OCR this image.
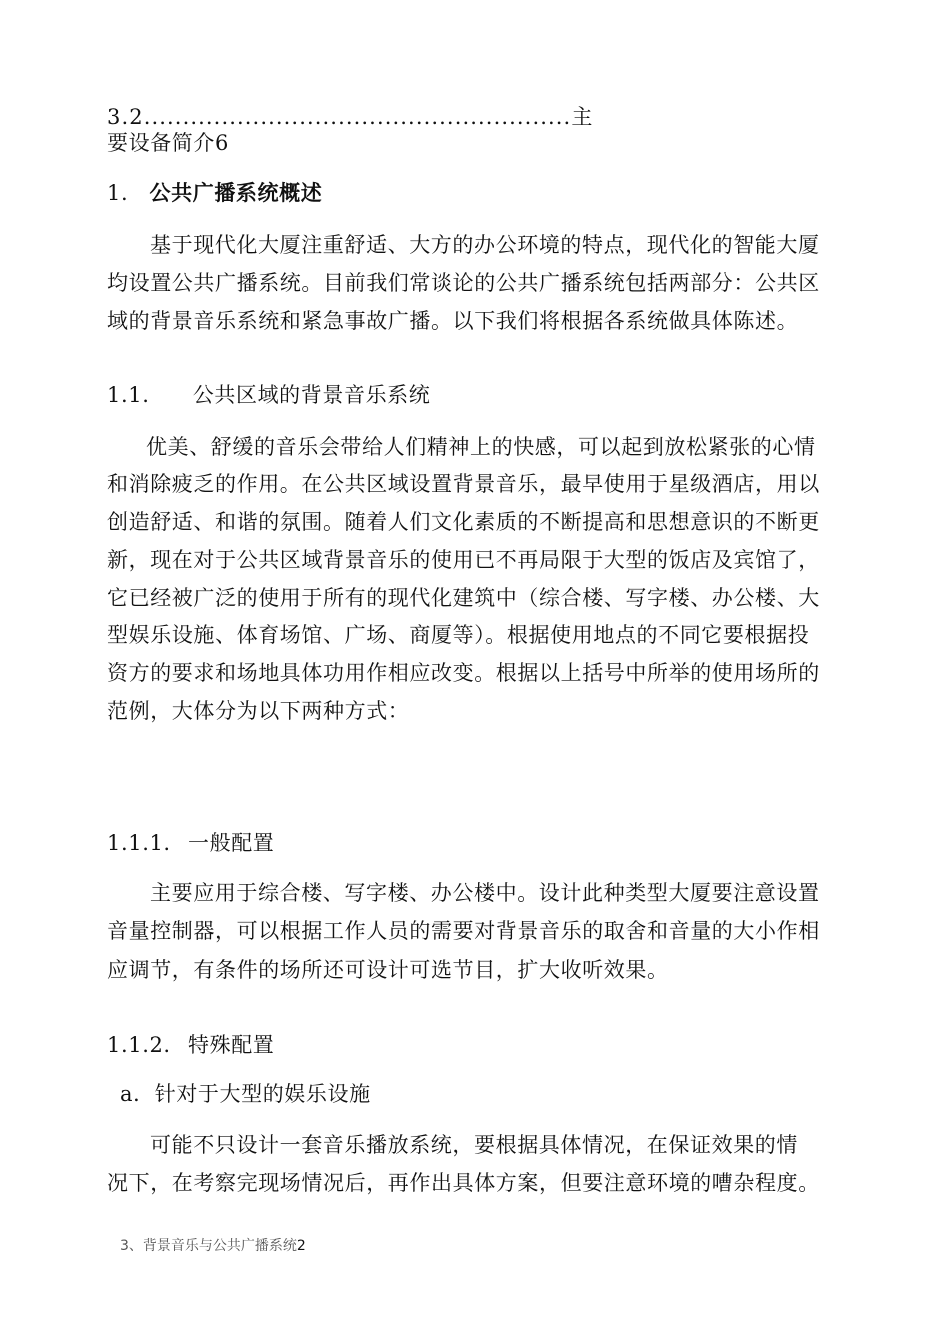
3.2.......................................................主
要设备简介6
1. 公共广播系统概述
基于现代化大厦注重舒适、大方的办公环境的特点，现代化的智能大厦
均设置公共广播系统。目前我们常谈论的公共广播系统包括两部分：公共区
域的背景音乐系统和紧急事故广播。以下我们将根据各系统做具体陈述。
1.1. 公共区域的背景音乐系统
优美、舒缓的音乐会带给人们精神上的快感，可以起到放松紧张的心情
和消除疲乏的作用。在公共区域设置背景音乐，最早使用于星级酒店，用以
创造舒适、和谐的氛围。随着人们文化素质的不断提高和思想意识的不断更
新，现在对于公共区域背景音乐的使用已不再局限于大型的饭店及宾馆了，
它已经被广泛的使用于所有的现代化建筑中（综合楼、写字楼、办公楼、大
型娱乐设施、体育场馆、广场、商厦等）。根据使用地点的不同它要根据投
资方的要求和场地具体功用作相应改变。根据以上括号中所举的使用场所的
范例，大体分为以下两种方式：
1.1.1. 一般配置
主要应用于综合楼、写字楼、办公楼中。设计此种类型大厦要注意设置
音量控制器，可以根据工作人员的需要对背景音乐的取舍和音量的大小作相
应调节，有条件的场所还可设计可选节目，扩大收听效果。
1.1.2. 特殊配置
a．针对于大型的娱乐设施
可能不只设计一套音乐播放系统，要根据具体情况，在保证效果的情
况下，在考察完现场情况后，再作出具体方案，但要注意环境的嘈杂程度。
3、背景音乐与公共广播系统2
